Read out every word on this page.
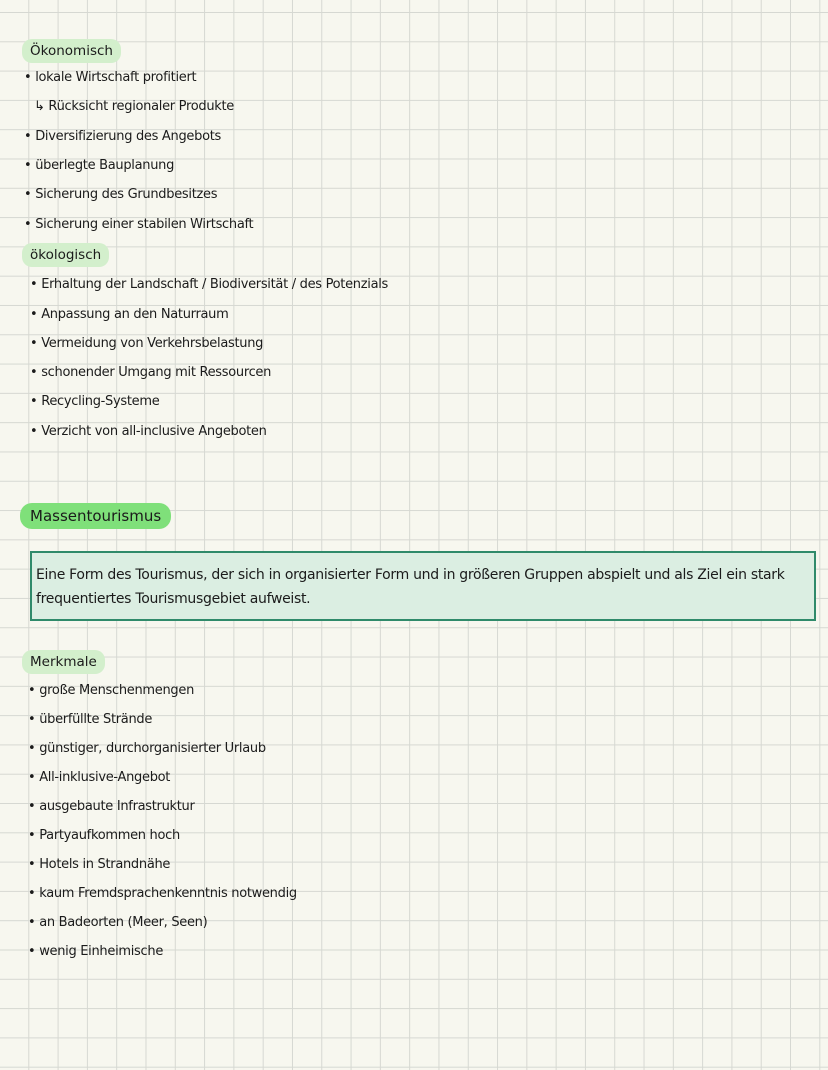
Ökonomisch
• lokale Wirtschaft profitiert
↳ Rücksicht regionaler Produkte
• Diversifizierung des Angebots
• überlegte Bauplanung
• Sicherung des Grundbesitzes
• Sicherung einer stabilen Wirtschaft
ökologisch
• Erhaltung der Landschaft / Biodiversität / des Potenzials
• Anpassung an den Naturraum
• Vermeidung von Verkehrsbelastung
• schonender Umgang mit Ressourcen
• Recycling-Systeme
• Verzicht von all-inclusive Angeboten
Massentourismus

Eine Form des Tourismus, der sich in organisierter Form und in größeren Gruppen abspielt und als Ziel ein stark frequentiertes Tourismusgebiet aufweist.

Merkmale
• große Menschenmengen
• überfüllte Strände
• günstiger, durchorganisierter Urlaub
• All-inklusive-Angebot
• ausgebaute Infrastruktur
• Partyaufkommen hoch
• Hotels in Strandnähe
• kaum Fremdsprachenkenntnis notwendig
• an Badeorten (Meer, Seen)
• wenig Einheimische
